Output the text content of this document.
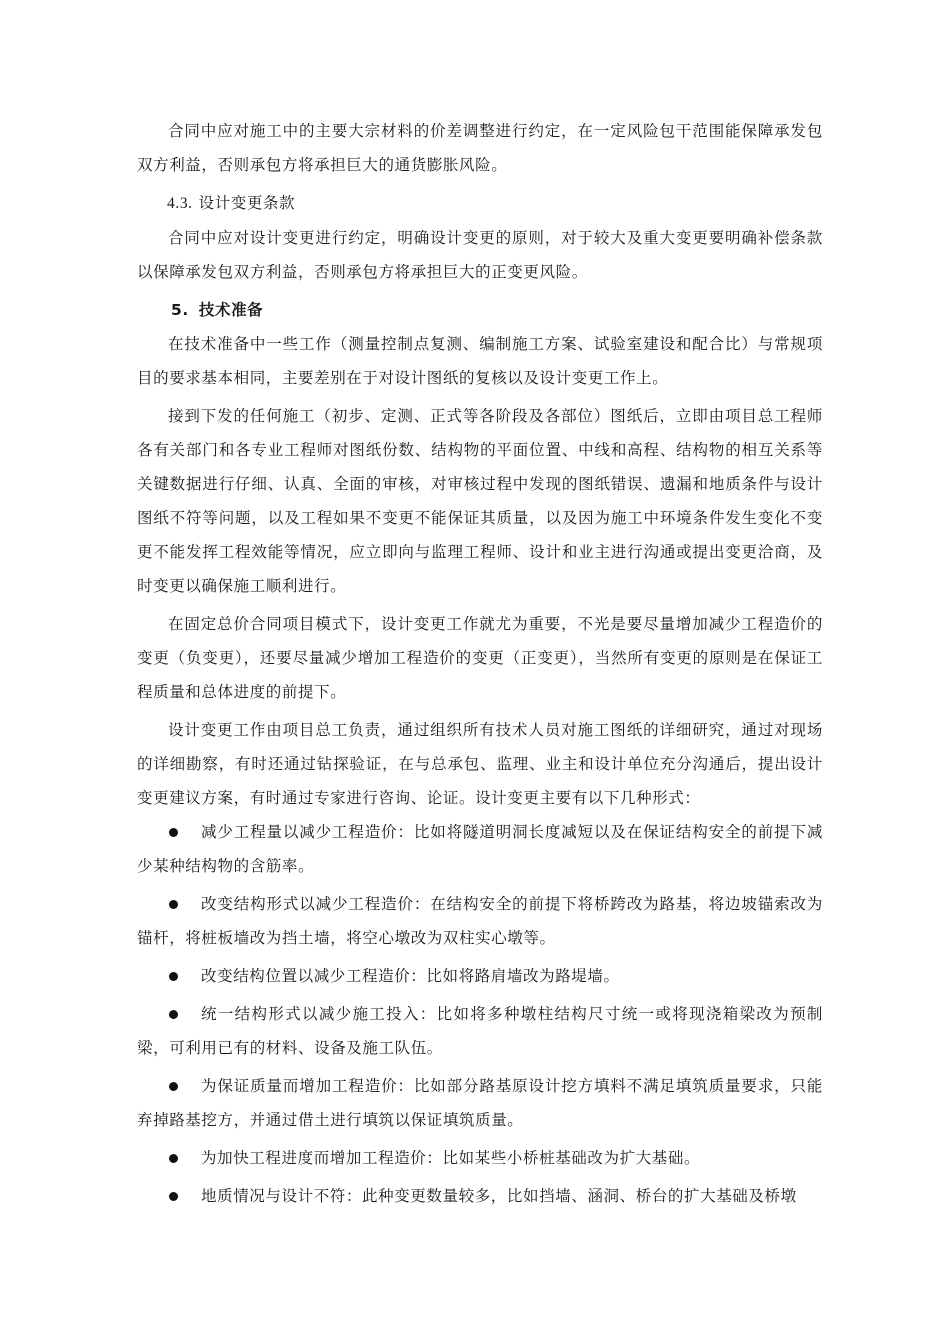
合同中应对施工中的主要大宗材料的价差调整进行约定，在一定风险包干范围能保障承发包双方利益，否则承包方将承担巨大的通货膨胀风险。

4.3. 设计变更条款

合同中应对设计变更进行约定，明确设计变更的原则，对于较大及重大变更要明确补偿条款以保障承发包双方利益，否则承包方将承担巨大的正变更风险。

5. 技术准备

在技术准备中一些工作（测量控制点复测、编制施工方案、试验室建设和配合比）与常规项目的要求基本相同，主要差别在于对设计图纸的复核以及设计变更工作上。

接到下发的任何施工（初步、定测、正式等各阶段及各部位）图纸后，立即由项目总工程师各有关部门和各专业工程师对图纸份数、结构物的平面位置、中线和高程、结构物的相互关系等关键数据进行仔细、认真、全面的审核，对审核过程中发现的图纸错误、遗漏和地质条件与设计图纸不符等问题，以及工程如果不变更不能保证其质量，以及因为施工中环境条件发生变化不变更不能发挥工程效能等情况，应立即向与监理工程师、设计和业主进行沟通或提出变更洽商，及时变更以确保施工顺利进行。

在固定总价合同项目模式下，设计变更工作就尤为重要，不光是要尽量增加减少工程造价的变更（负变更），还要尽量减少增加工程造价的变更（正变更），当然所有变更的原则是在保证工程质量和总体进度的前提下。

设计变更工作由项目总工负责，通过组织所有技术人员对施工图纸的详细研究，通过对现场的详细勘察，有时还通过钻探验证，在与总承包、监理、业主和设计单位充分沟通后，提出设计变更建议方案，有时通过专家进行咨询、论证。设计变更主要有以下几种形式：

减少工程量以减少工程造价：比如将隧道明洞长度减短以及在保证结构安全的前提下减少某种结构物的含筋率。
改变结构形式以减少工程造价：在结构安全的前提下将桥跨改为路基，将边坡锚索改为锚杆，将桩板墙改为挡土墙，将空心墩改为双柱实心墩等。
改变结构位置以减少工程造价：比如将路肩墙改为路堤墙。
统一结构形式以减少施工投入：比如将多种墩柱结构尺寸统一或将现浇箱梁改为预制梁，可利用已有的材料、设备及施工队伍。
为保证质量而增加工程造价：比如部分路基原设计挖方填料不满足填筑质量要求，只能弃掉路基挖方，并通过借土进行填筑以保证填筑质量。
为加快工程进度而增加工程造价：比如某些小桥桩基础改为扩大基础。
地质情况与设计不符：此种变更数量较多，比如挡墙、涵洞、桥台的扩大基础及桥墩
